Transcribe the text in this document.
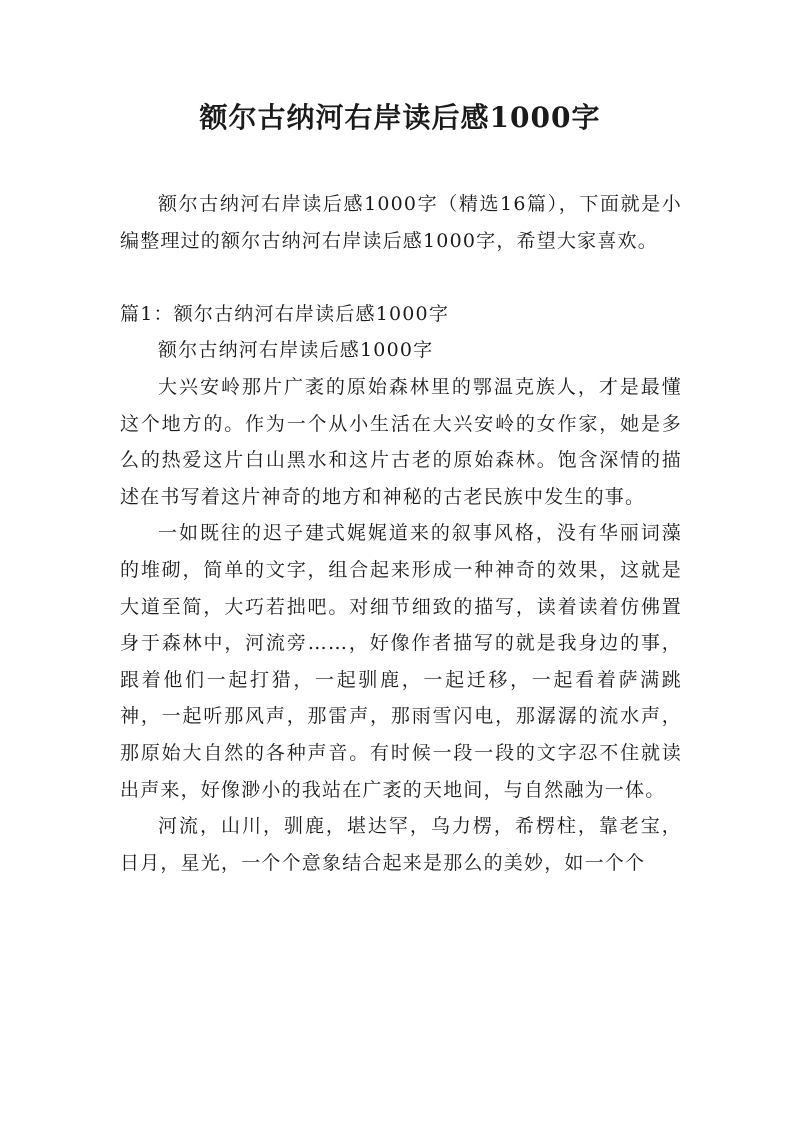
额尔古纳河右岸读后感1000字

额尔古纳河右岸读后感1000字（精选16篇），下面就是小编整理过的额尔古纳河右岸读后感1000字，希望大家喜欢。

篇1：额尔古纳河右岸读后感1000字

额尔古纳河右岸读后感1000字

大兴安岭那片广袤的原始森林里的鄂温克族人，才是最懂这个地方的。作为一个从小生活在大兴安岭的女作家，她是多么的热爱这片白山黑水和这片古老的原始森林。饱含深情的描述在书写着这片神奇的地方和神秘的古老民族中发生的事。

一如既往的迟子建式娓娓道来的叙事风格，没有华丽词藻的堆砌，简单的文字，组合起来形成一种神奇的效果，这就是大道至简，大巧若拙吧。对细节细致的描写，读着读着仿佛置身于森林中，河流旁……，好像作者描写的就是我身边的事，跟着他们一起打猎，一起驯鹿，一起迁移，一起看着萨满跳神，一起听那风声，那雷声，那雨雪闪电，那潺潺的流水声，那原始大自然的各种声音。有时候一段一段的文字忍不住就读出声来，好像渺小的我站在广袤的天地间，与自然融为一体。

河流，山川，驯鹿，堪达罕，乌力楞，希楞柱，靠老宝，日月，星光，一个个意象结合起来是那么的美妙，如一个个
